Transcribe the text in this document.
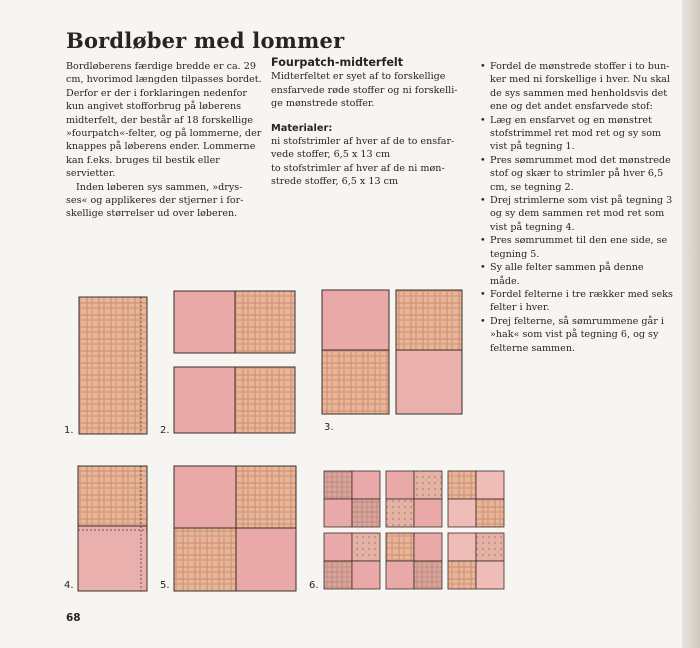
Bordløber med lommer

Bordløberens færdige bredde er ca. 29 cm, hvorimod længden tilpasses bordet. Derfor er der i forklaringen nedenfor kun angivet stofforbrug på løberens midterfelt, der består af 18 forskellige »fourpatch«-felter, og på lommerne, der knappes på løberens ender. Lommerne kan f.eks. bruges til bestik eller servietter.

Inden løberen sys sammen, »drys-ses« og applikeres der stjerner i for-skellige størrelser ud over løberen.

Fourpatch-midterfelt

Midterfeltet er syet af to forskellige ensfarvede røde stoffer og ni forskelli-ge mønstrede stoffer.

Materialer:

ni stofstrimler af hver af de to ensfar-vede stoffer, 6,5 x 13 cm

to stofstrimler af hver af de ni møn-strede stoffer, 6,5 x 13 cm

• Fordel de mønstrede stoffer i to bun-ker med ni forskellige i hver. Nu skal de sys sammen med henholdsvis det ene og det andet ensfarvede stof:
• Læg en ensfarvet og en mønstret stofstrimmel ret mod ret og sy som vist på tegning 1.
• Pres sømrummet mod det mønstrede stof og skær to strimler på hver 6,5 cm, se tegning 2.
• Drej strimlerne som vist på tegning 3 og sy dem sammen ret mod ret som vist på tegning 4.
• Pres sømrummet til den ene side, se tegning 5.
• Sy alle felter sammen på denne måde.
• Fordel felterne i tre rækker med seks felter i hver.
• Drej felterne, så sømrummene går i »hak« som vist på tegning 6, og sy felterne sammen.
1.	2.	3.
4.	5.	6.
68
